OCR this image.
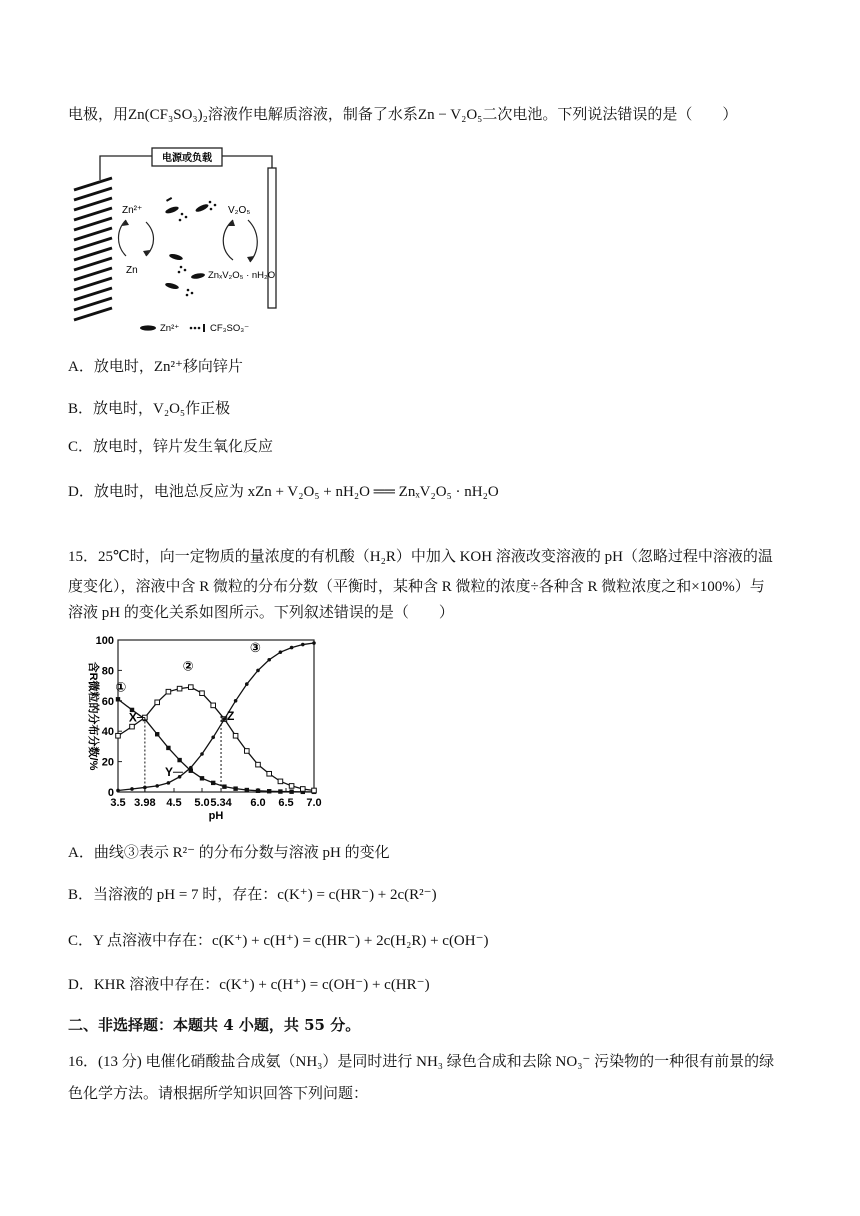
电极，用Zn(CF₃SO₃)₂溶液作电解质溶液，制备了水系Zn − V₂O₅二次电池。下列说法错误的是（　　）
电源或负载
Zn²⁺
Zn
V₂O₅
ZnₓV₂O₅ · nH₂O
Zn²⁺	CF₃SO₃⁻
A．放电时，Zn²⁺移向锌片
B．放电时，V₂O₅作正极
C．放电时，锌片发生氧化反应
D．放电时，电池总反应为 xZn + V₂O₅ + nH₂O ══ ZnₓV₂O₅ · nH₂O
15．25℃时，向一定物质的量浓度的有机酸（H₂R）中加入 KOH 溶液改变溶液的 pH（忽略过程中溶液的温
度变化），溶液中含 R 微粒的分布分数（平衡时，某种含 R 微粒的浓度÷各种含 R 微粒浓度之和×100%）与
溶液 pH 的变化关系如图所示。下列叙述错误的是（　　）
0
20
40
60
80
100
3.5 3.98 4.5 5.0 5.34 6.0 6.5 7.0
pH
含R微粒的分布分数/% ①
②
③
X
Y
Z
A．曲线③表示 R²⁻ 的分布分数与溶液 pH 的变化
B．当溶液的 pH = 7 时，存在：c(K⁺) = c(HR⁻) + 2c(R²⁻)
C．Y 点溶液中存在：c(K⁺) + c(H⁺) = c(HR⁻) + 2c(H₂R) + c(OH⁻)
D．KHR 溶液中存在：c(K⁺) + c(H⁺) = c(OH⁻) + c(HR⁻)
二、非选择题：本题共 4 小题，共 55 分。
16．(13 分) 电催化硝酸盐合成氨（NH₃）是同时进行 NH₃ 绿色合成和去除 NO₃⁻ 污染物的一种很有前景的绿
色化学方法。请根据所学知识回答下列问题：
